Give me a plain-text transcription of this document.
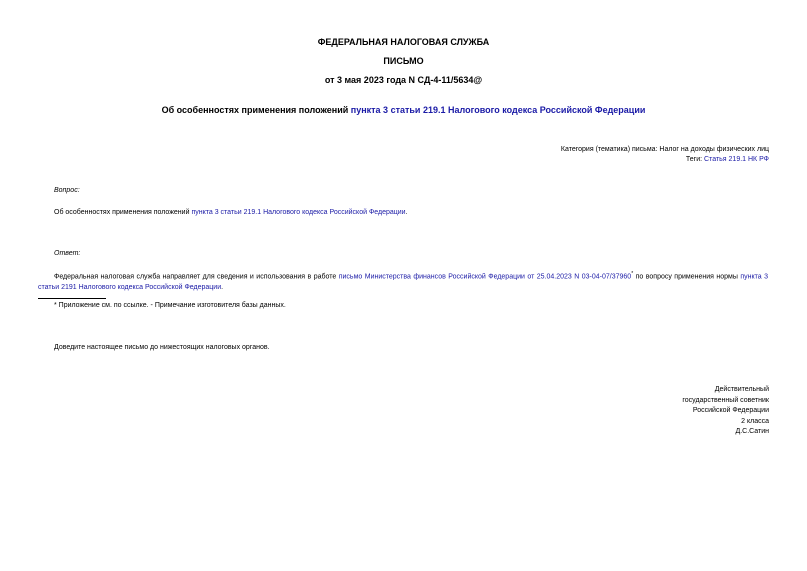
ФЕДЕРАЛЬНАЯ НАЛОГОВАЯ СЛУЖБА
ПИСЬМО
от 3 мая 2023 года N СД-4-11/5634@
Об особенностях применения положений пункта 3 статьи 219.1 Налогового кодекса Российской Федерации
Категория (тематика) письма: Налог на доходы физических лиц
Теги: Статья 219.1 НК РФ
Вопрос:
Об особенностях применения положений пункта 3 статьи 219.1 Налогового кодекса Российской Федерации.
Ответ:
Федеральная налоговая служба направляет для сведения и использования в работе письмо Министерства финансов Российской Федерации от 25.04.2023 N 03-04-07/37960* по вопросу применения нормы пункта 3 статьи 2191 Налогового кодекса Российской Федерации.
* Приложение см. по ссылке. - Примечание изготовителя базы данных.
Доведите настоящее письмо до нижестоящих налоговых органов.
Действительный
государственный советник
Российской Федерации
2 класса
Д.С.Сатин
